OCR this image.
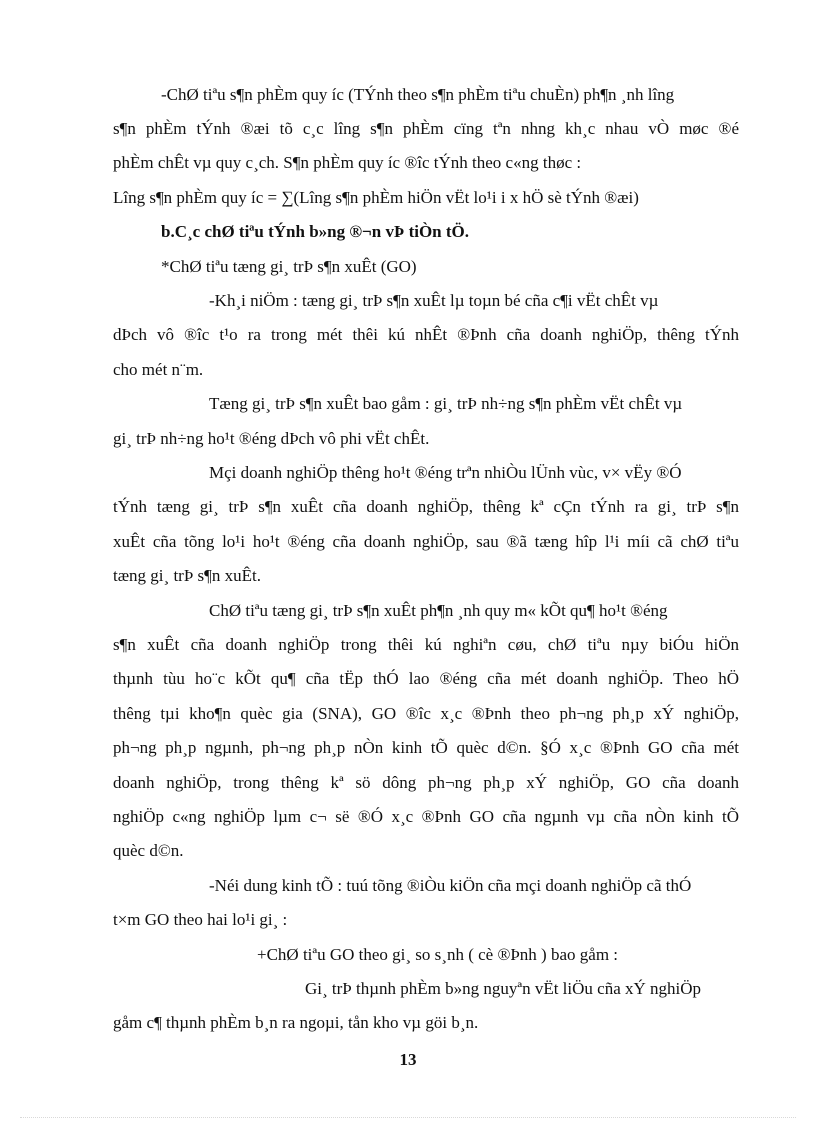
-ChØ tiªu s¶n phÈm quy íc (TÝnh theo s¶n phÈm tiªu chuÈn) ph¶n ¸nh lîng
s¶n phÈm tÝnh ®æi tõ c¸c lîng s¶n phÈm cïng tªn nhng kh¸c nhau vÒ møc ®é
phÈm chÊt vµ quy c¸ch. S¶n phÈm quy íc ®îc tÝnh theo c«ng thøc :
Lîng s¶n phÈm quy íc = ∑(Lîng s¶n phÈm hiÖn vËt lo¹i i x hÖ sè tÝnh ®æi)
b.C¸c chØ tiªu tÝnh b»ng ®¬n vÞ tiÒn tÖ.
*ChØ tiªu tæng gi¸ trÞ s¶n xuÊt (GO)
-Kh¸i niÖm : tæng gi¸ trÞ s¶n xuÊt lµ toµn bé cña c¶i vËt chÊt vµ
dÞch vô ®îc t¹o ra trong mét thêi kú nhÊt ®Þnh cña doanh nghiÖp, thêng tÝnh
cho mét n¨m.
Tæng gi¸ trÞ s¶n xuÊt bao gåm : gi¸ trÞ nh÷ng s¶n phÈm vËt chÊt vµ
gi¸ trÞ nh÷ng ho¹t ®éng dÞch vô phi vËt chÊt.
Mçi doanh nghiÖp thêng ho¹t ®éng trªn nhiÒu lÜnh vùc, v× vËy ®Ó
tÝnh tæng gi¸ trÞ s¶n xuÊt cña doanh nghiÖp, thêng kª cÇn tÝnh ra gi¸ trÞ s¶n
xuÊt cña tõng lo¹i ho¹t ®éng cña doanh nghiÖp, sau ®ã tæng hîp l¹i míi cã chØ tiªu
tæng gi¸ trÞ s¶n xuÊt.
ChØ tiªu tæng gi¸ trÞ s¶n xuÊt ph¶n ¸nh quy m« kÕt qu¶ ho¹t ®éng
s¶n xuÊt cña doanh nghiÖp trong thêi kú nghiªn cøu, chØ tiªu nµy biÓu hiÖn
thµnh tùu ho¨c kÕt qu¶ cña tËp thÓ lao ®éng cña mét doanh nghiÖp. Theo hÖ
thêng tµi kho¶n quèc gia (SNA), GO ®îc x¸c ®Þnh theo ph¬ng ph¸p xÝ nghiÖp,
ph¬ng ph¸p ngµnh, ph¬ng ph¸p nÒn kinh tÕ quèc d©n. §Ó x¸c ®Þnh GO cña mét
doanh nghiÖp, trong thêng kª sö dông ph¬ng ph¸p xÝ nghiÖp, GO cña doanh
nghiÖp c«ng nghiÖp lµm c¬ së ®Ó x¸c ®Þnh GO cña ngµnh vµ cña nÒn kinh tÕ
quèc d©n.
-Néi dung kinh tÕ : tuú tõng ®iÒu kiÖn cña mçi doanh nghiÖp cã thÓ
t×m GO theo hai lo¹i gi¸ :
+ChØ tiªu GO theo gi¸ so s¸nh ( cè ®Þnh ) bao gåm :
Gi¸ trÞ thµnh phÈm b»ng nguyªn vËt liÖu cña xÝ nghiÖp
gåm c¶ thµnh phÈm b¸n ra ngoµi, tån kho vµ göi b¸n.
13
